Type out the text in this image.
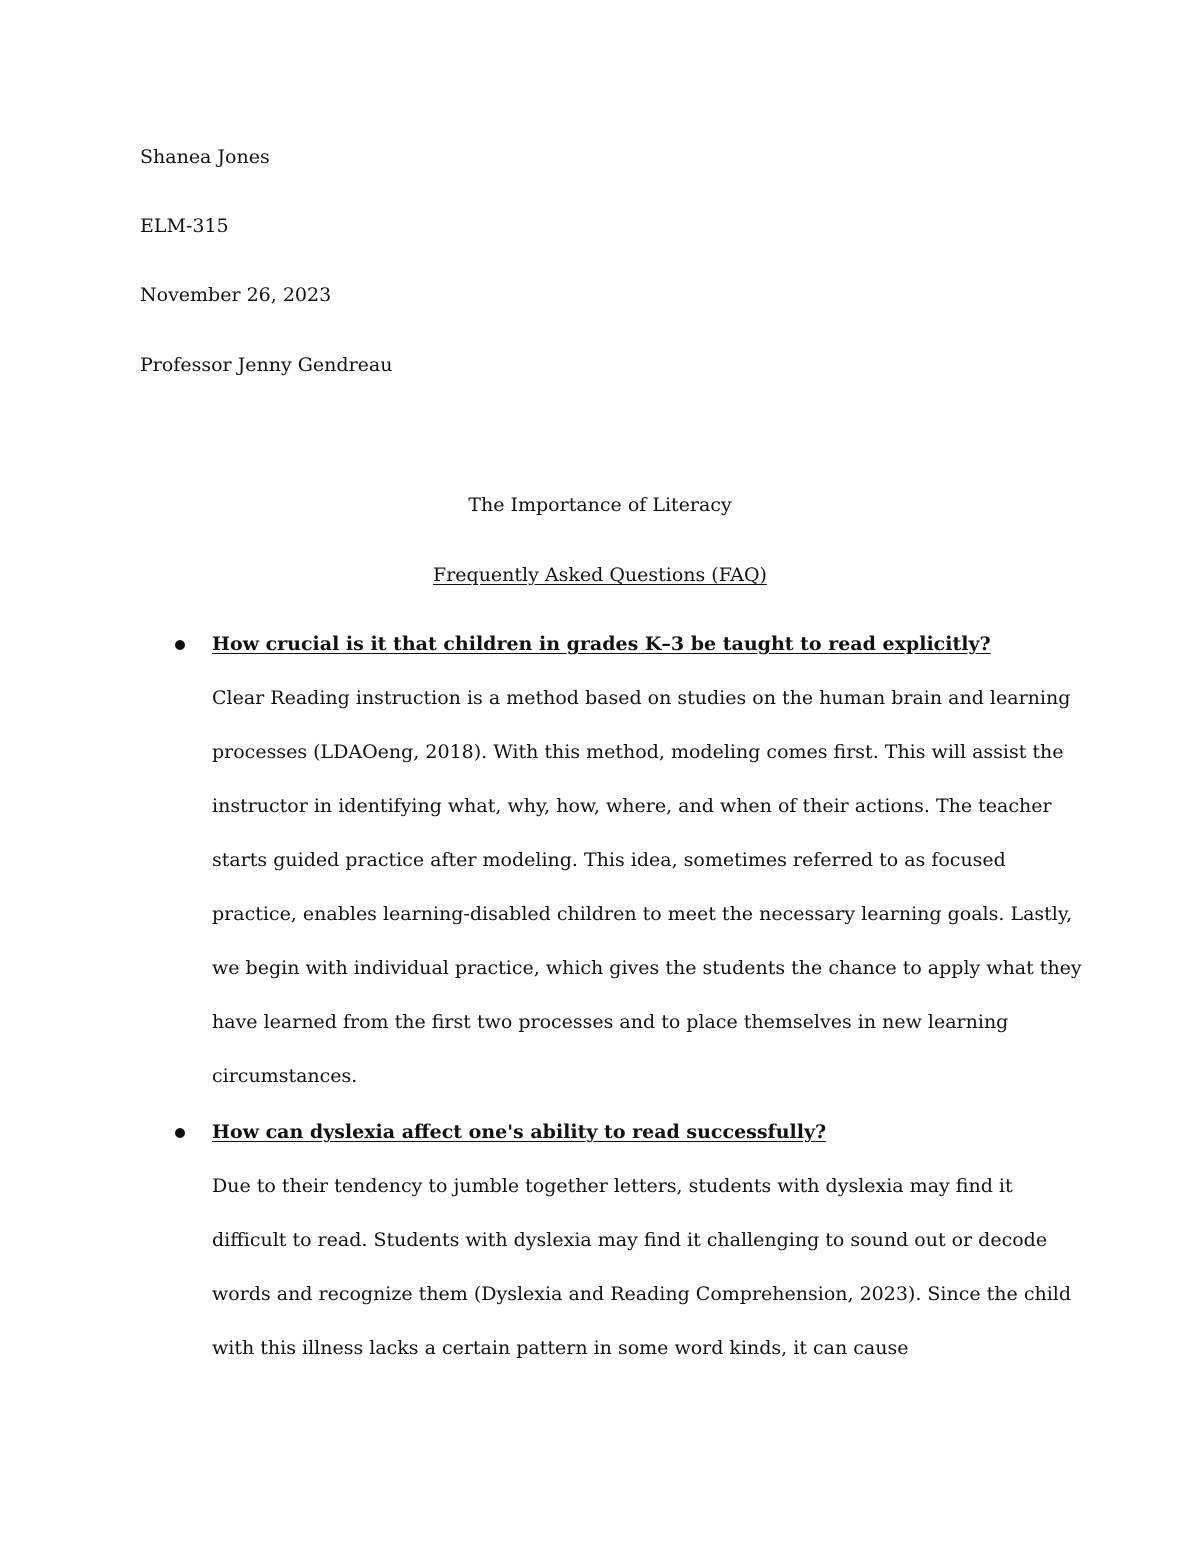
Shanea Jones
ELM-315
November 26, 2023
Professor Jenny Gendreau
The Importance of Literacy
Frequently Asked Questions (FAQ)
How crucial is it that children in grades K–3 be taught to read explicitly?
Clear Reading instruction is a method based on studies on the human brain and learning
processes (LDAOeng, 2018). With this method, modeling comes first. This will assist the
instructor in identifying what, why, how, where, and when of their actions. The teacher
starts guided practice after modeling. This idea, sometimes referred to as focused
practice, enables learning-disabled children to meet the necessary learning goals. Lastly,
we begin with individual practice, which gives the students the chance to apply what they
have learned from the first two processes and to place themselves in new learning
circumstances.
How can dyslexia affect one's ability to read successfully?
Due to their tendency to jumble together letters, students with dyslexia may find it
difficult to read. Students with dyslexia may find it challenging to sound out or decode
words and recognize them (Dyslexia and Reading Comprehension, 2023). Since the child
with this illness lacks a certain pattern in some word kinds, it can cause
